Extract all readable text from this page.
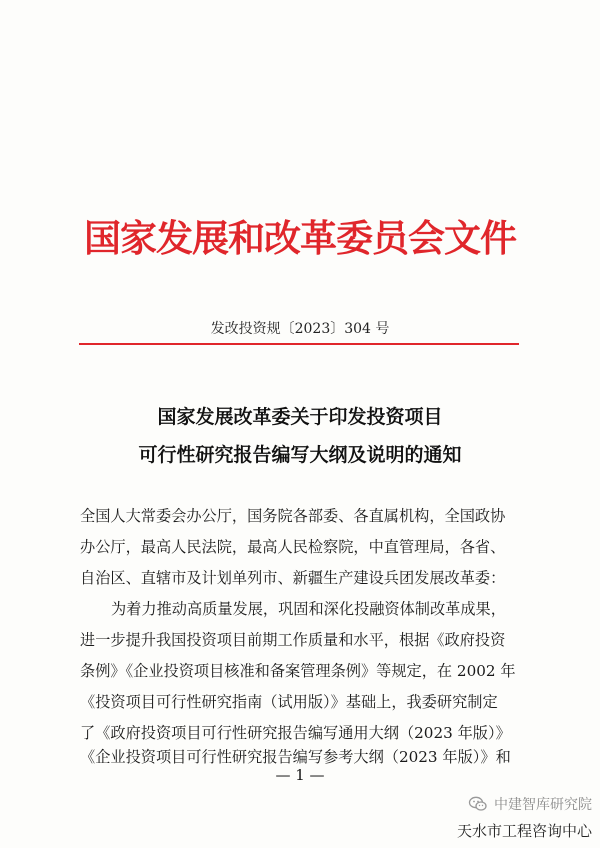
国家发展和改革委员会文件
发改投资规〔2023〕304 号
国家发展改革委关于印发投资项目
可行性研究报告编写大纲及说明的通知
全国人大常委会办公厅，国务院各部委、各直属机构，全国政协
办公厅，最高人民法院，最高人民检察院，中直管理局，各省、
自治区、直辖市及计划单列市、新疆生产建设兵团发展改革委：
为着力推动高质量发展，巩固和深化投融资体制改革成果，
进一步提升我国投资项目前期工作质量和水平，根据《政府投资
条例》《企业投资项目核准和备案管理条例》等规定，在 2002 年
《投资项目可行性研究指南（试用版）》基础上，我委研究制定
了《政府投资项目可行性研究报告编写通用大纲（2023 年版）》
《企业投资项目可行性研究报告编写参考大纲（2023 年版）》和
— 1 —
中建智库研究院
天水市工程咨询中心
